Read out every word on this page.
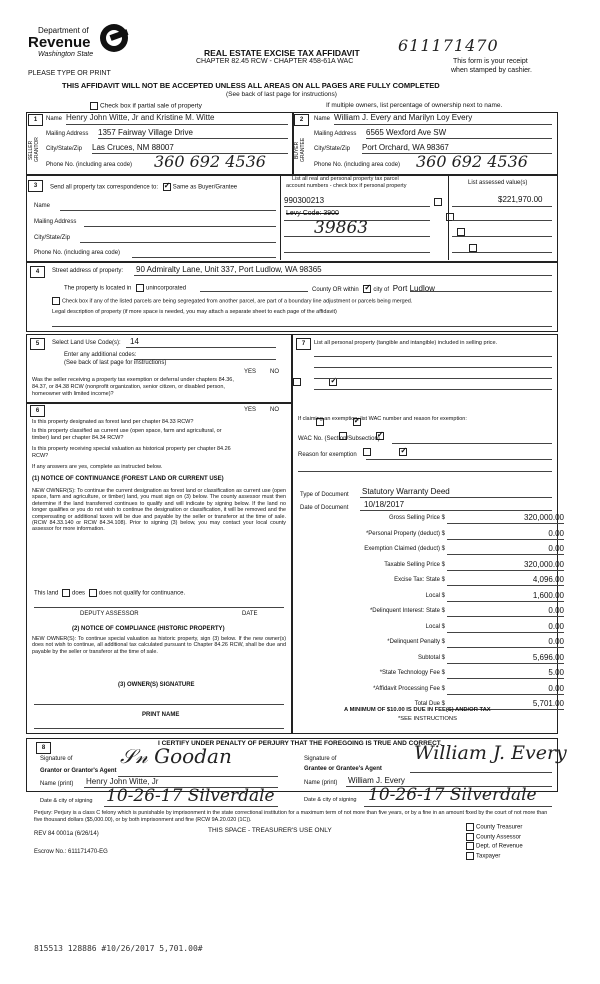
Department of
Revenue
Washington State
PLEASE TYPE OR PRINT
REAL ESTATE EXCISE TAX AFFIDAVIT
CHAPTER 82.45 RCW - CHAPTER 458-61A WAC
611171470
This form is your receipt
when stamped by cashier.
THIS AFFIDAVIT WILL NOT BE ACCEPTED UNLESS ALL AREAS ON ALL PAGES ARE FULLY COMPLETED
(See back of last page for instructions)
Check box if partial sale of property	If multiple owners, list percentage of ownership next to name.
1
SELLER GRANTOR
Name Henry John Witte, Jr and Kristine M. Witte
Mailing Address 1357 Fairway Village Drive
City/State/Zip Las Cruces, NM 88007
Phone No. (including area code) 360 692 4536
2
BUYER GRANTEE
Name William J. Every and Marilyn Loy Every
Mailing Address 6565 Wexford Ave SW
City/State/Zip Port Orchard, WA 98367
Phone No. (including area code) 360 692 4536
3	Send all property tax correspondence to: ✓ Same as Buyer/Grantee
Name
Mailing Address
City/State/Zip
Phone No. (including area code)
List all real and personal property tax parcel
account numbers - check box if personal property	List assessed value(s)
990300213
	$221,970.00
Levy Code: 3900

39863

4	Street address of property: 90 Admiralty Lane, Unit 337, Port Ludlow, WA 98365
The property is located in unincorporated	County OR within ✓ city of Port Ludlow
Check box if any of the listed parcels are being segregated from another parcel, are part of a boundary line adjustment or parcels being merged.
Legal description of property (if more space is needed, you may attach a separate sheet to each page of the affidavit)
5	Select Land Use Code(s): 14
Enter any additional codes:
(See back of last page for instructions)
YES NO
Was the seller receiving a property tax exemption or deferral under chapters 84.36, 84.37, or 84.38 RCW (nonprofit organization, senior citizen, or disabled person, homeowner with limited income)?
✓
6	YES NO
Is this property designated as forest land per chapter 84.33 RCW?
✓
Is this property classified as current use (open space, farm and agricultural, or timber) land per chapter 84.34 RCW?
✓
Is this property receiving special valuation as historical property per chapter 84.26 RCW?
✓
If any answers are yes, complete as instructed below.
(1) NOTICE OF CONTINUANCE (FOREST LAND OR CURRENT USE)
NEW OWNER(S): To continue the current designation as forest land or classification as current use (open space, farm and agriculture, or timber) land, you must sign on (3) below. The county assessor must then determine if the land transferred continues to qualify and will indicate by signing below. If the land no longer qualifies or you do not wish to continue the designation or classification, it will be removed and the compensating or additional taxes will be due and payable by the seller or transferor at the time of sale. (RCW 84.33.140 or RCW 84.34.108). Prior to signing (3) below, you may contact your local county assessor for more information.
This land does does not qualify for continuance.
DEPUTY ASSESSOR	DATE
(2) NOTICE OF COMPLIANCE (HISTORIC PROPERTY)
NEW OWNER(S): To continue special valuation as historic property, sign (3) below. If the new owner(s) does not wish to continue, all additional tax calculated pursuant to Chapter 84.26 RCW, shall be due and payable by the seller or transferor at the time of sale.
(3) OWNER(S) SIGNATURE
PRINT NAME
7	List all personal property (tangible and intangible) included in selling price.
If claiming an exemption, list WAC number and reason for exemption:
WAC No. (Section/Subsection)
Reason for exemption
Type of Document Statutory Warranty Deed
Date of Document 10/18/2017
Gross Selling Price $	320,000.00
*Personal Property (deduct) $	0.00
Exemption Claimed (deduct) $	0.00
Taxable Selling Price $	320,000.00
Excise Tax: State $	4,096.00
Local $	1,600.00
*Delinquent Interest: State $	0.00
Local $	0.00
*Delinquent Penalty $	0.00
Subtotal $	5,696.00
*State Technology Fee $	5.00
*Affidavit Processing Fee $	0.00
Total Due $	5,701.00
A MINIMUM OF $10.00 IS DUE IN FEE(S) AND/OR TAX
*SEE INSTRUCTIONS
8
I CERTIFY UNDER PENALTY OF PERJURY THAT THE FOREGOING IS TRUE AND CORRECT.
Signature of
Grantor or Grantor's Agent
𝒮𝓃 Goodan
Name (print) Henry John Witte, Jr
Signature of
Grantee or Grantee's Agent
William J. Every
Name (print) William J. Every
Date & city of signing 10-26-17 Silverdale	Date & city of signing 10-26-17 Silverdale
Perjury: Perjury is a class C felony which is punishable by imprisonment in the state correctional institution for a maximum term of not more than five years, or by a fine in an amount fixed by the court of not more than five thousand dollars ($5,000.00), or by both imprisonment and fine (RCW 9A.20.020 (1C)).
REV 84 0001a (6/26/14)	THIS SPACE - TREASURER'S USE ONLY
Escrow No.: 611171470-EG
County Treasurer
County Assessor
Dept. of Revenue
Taxpayer
815513 128886 #10/26/2017 5,701.00#
